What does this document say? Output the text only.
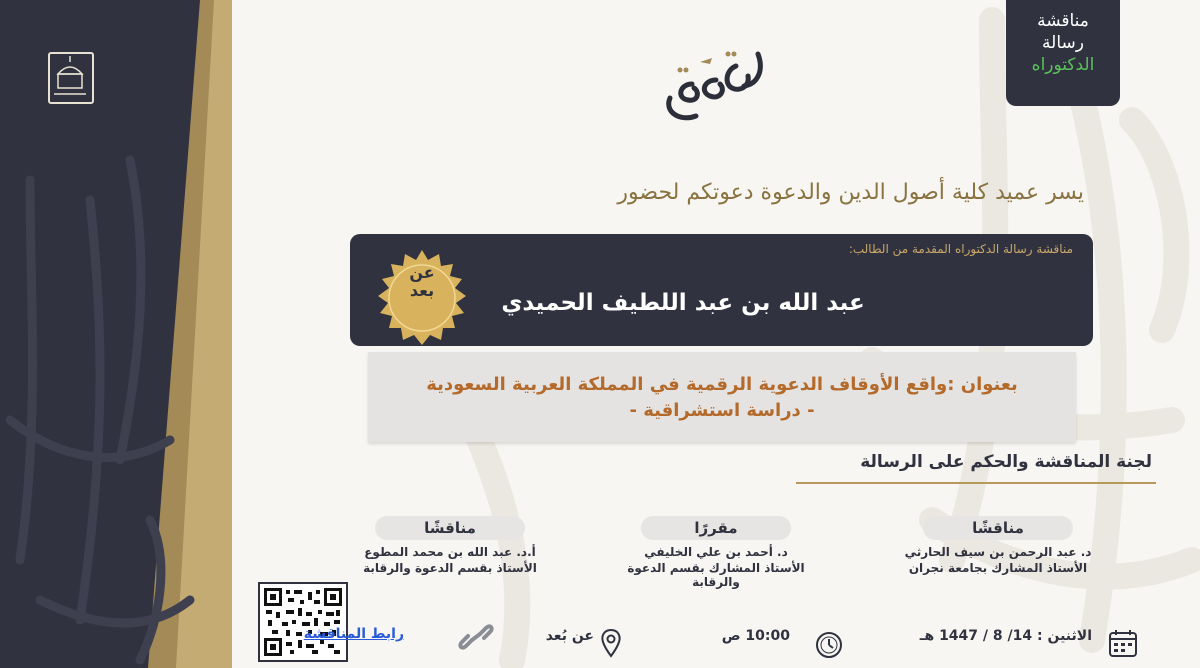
مناقشة
رسالة
الدكتوراه
يسر عميد كلية أصول الدين والدعوة دعوتكم لحضور
مناقشة رسالة الدكتوراه المقدمة من الطالب:
عن
بعد	عبد الله بن عبد اللطيف الحميدي
بعنوان :واقع الأوقاف الدعوية الرقمية في المملكة العربية السعودية
- دراسة استشراقية -
لجنة المناقشة والحكم على الرسالة
مناقشًا
د. عبد الرحمن بن سيف الحارثي
الأستاذ المشارك بجامعة نجران
مقررًا
د. أحمد بن علي الخليفي
الأستاذ المشارك بقسم الدعوة والرقابة
مناقشًا
أ.د. عبد الله بن محمد المطوع
الأستاذ بقسم الدعوة والرقابة
الاثنين : 14/ 8 / 1447 هـ
10:00 ص
عن بُعد
رابط المناقشة
